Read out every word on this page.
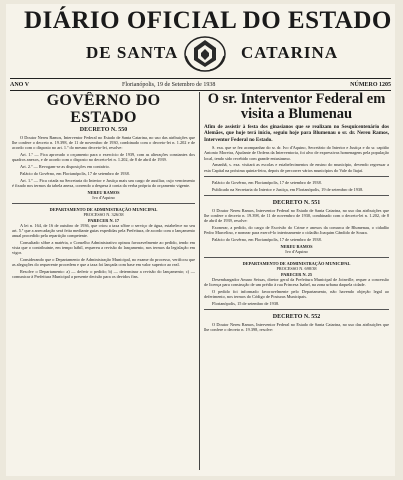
DIÁRIO OFICIAL DO ESTADO
DE SANTA	CATARINA
ANO V	Florianópolis, 19 de Setembro de 1938	NÚMERO 1205
GOVÊRNO DO ESTADO
DECRETO N. 550

O Doutor Nereu Ramos, Interventor Federal no Estado de Santa Catarina, no uso das atribuições que lhe confere o decreto n. 19.398, de 11 de novembro de 1930, combinado com o decreto-lei n. 1.202 e de acordo com o disposto no art. 1.º do mesmo decreto-lei, resolve:

Art. 1.º — Fica aprovado o orçamento para o exercício de 1939, com as alterações constantes dos quadros anexos, e de acordo com o disposto no decreto-lei n. 1.202, de 8 de abril de 1939.

Art. 2.º — Revogam-se as disposições em contrário.

Palácio do Govêrno, em Florianópolis, 17 de setembro de 1938.

Art. 1.º — Fica criada na Secretaria do Interior e Justiça mais um cargo de auxiliar, cujo vencimento é fixado nos termos da tabela anexa, correndo a despesa à conta da verba própria do orçamento vigente.

NEREU RAMOS
Ivo d'Aquino
DEPARTAMENTO DE ADMINISTRAÇÃO MUNICIPAL
PROCESSO N. 326/38
PARECER N. 17

A lei n. 164, de 16 de outubro de 1936, que criou a taxa sôbre o serviço de água, estabelece no seu art. 5.º que a arrecadação será feita mediante guias expedidas pela Prefeitura, de acordo com o lançamento anual procedido pela repartição competente.

Consultado sôbre a matéria, o Conselho Administrativo opinou favoravelmente ao pedido, tendo em vista que o contribuinte, em tempo hábil, requereu a revisão do lançamento, nos termos da legislação em vigor.

Considerando que o Departamento de Administração Municipal, no exame do processo, verificou que as alegações do requerente procedem e que a taxa foi lançada com base em valor superior ao real.

Resolve o Departamento: a) — deferir o pedido; b) — determinar a revisão do lançamento; c) — comunicar à Prefeitura Municipal a presente decisão para os devidos fins.

O sr. Interventor Federal em
visita a Blumenau
Afim de assistir à festa dos ginasianos que se realizam no Sesquicentenário dos Alemães, que hoje terá início, seguiu hoje para Blumenau o sr. dr. Nereu Ramos, Interventor Federal no Estado.

S. exa. que se fez acompanhar do sr. dr. Ivo d'Aquino, Secretário do Interior e Justiça e do sr. capitão Antonio Moreira, Ajudante de Ordens da Interventoria, foi alvo de expressivas homenagens pela população local, tendo sido recebido com grande entusiasmo.

Amanhã, s. exa. visitará as escolas e estabelecimentos de ensino do município, devendo regressar a esta Capital na próxima quinta-feira, depois de percorrer vários municípios do Vale do Itajaí.

Palácio do Govêrno, em Florianópolis, 17 de setembro de 1938.

Publicado na Secretaria do Interior e Justiça, em Florianópolis, 19 de setembro de 1938.

DECRETO N. 551

O Doutor Nereu Ramos, Interventor Federal no Estado de Santa Catarina, no uso das atribuições que lhe confere o decreto n. 19.398, de 11 de novembro de 1930, combinado com o decreto-lei n. 1.202, de 8 de abril de 1939, resolve:

Exonerar, a pedido, do cargo de Escrivão do Crime e anexos da comarca de Blumenau, o cidadão Pedro Marcelino, e nomear para exercê-lo interinamente o cidadão Joaquim Cândido de Souza.

Palácio do Govêrno, em Florianópolis, 17 de setembro de 1938.

NEREU RAMOS
Ivo d'Aquino
DEPARTAMENTO DE ADMINISTRAÇÃO MUNICIPAL
PROCESSO N. 698/38
PARECER N. 25

Desembargador Amaro Seixas, diretor geral da Prefeitura Municipal de Joinville, requer a concessão de licença para construção de um prédio à rua Princesa Isabel, na zona urbana daquela cidade.

O pedido foi informado favoravelmente pelo Departamento, não havendo objeção legal ao deferimento, nos termos do Código de Posturas Municipais.

Florianópolis, 15 de setembro de 1938.

DECRETO N. 552

O Doutor Nereu Ramos, Interventor Federal no Estado de Santa Catarina, no uso das atribuições que lhe confere o decreto n. 19.398, resolve:
